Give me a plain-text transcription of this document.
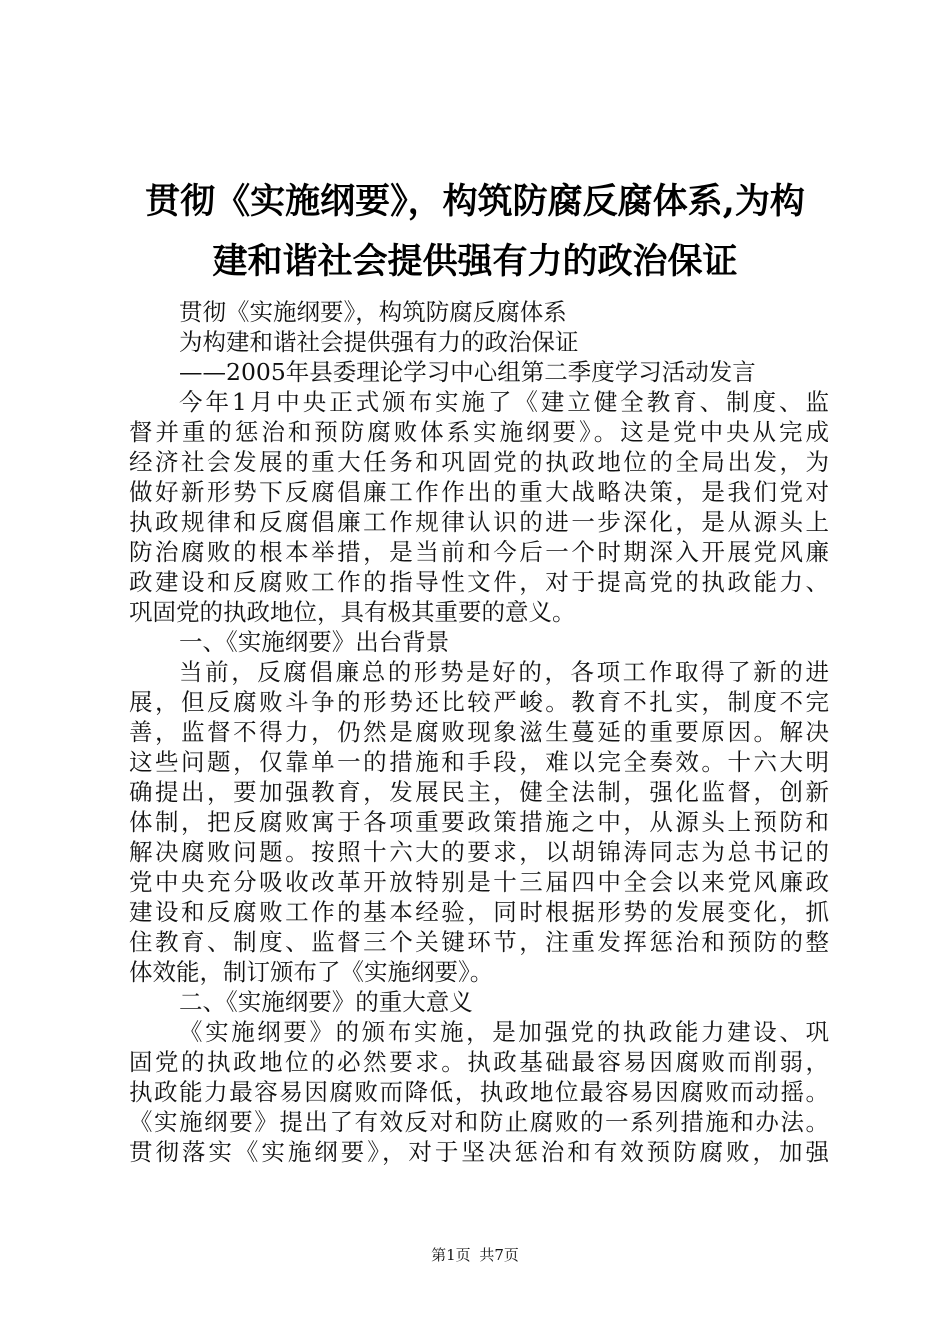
贯彻《实施纲要》，构筑防腐反腐体系,为构
建和谐社会提供强有力的政治保证
贯彻《实施纲要》，构筑防腐反腐体系
为构建和谐社会提供强有力的政治保证
——2005年县委理论学习中心组第二季度学习活动发言
今年1月中央正式颁布实施了《建立健全教育、制度、监
督并重的惩治和预防腐败体系实施纲要》。这是党中央从完成
经济社会发展的重大任务和巩固党的执政地位的全局出发，为
做好新形势下反腐倡廉工作作出的重大战略决策，是我们党对
执政规律和反腐倡廉工作规律认识的进一步深化，是从源头上
防治腐败的根本举措，是当前和今后一个时期深入开展党风廉
政建设和反腐败工作的指导性文件，对于提高党的执政能力、
巩固党的执政地位，具有极其重要的意义。
一、《实施纲要》出台背景
当前，反腐倡廉总的形势是好的，各项工作取得了新的进
展，但反腐败斗争的形势还比较严峻。教育不扎实，制度不完
善，监督不得力，仍然是腐败现象滋生蔓延的重要原因。解决
这些问题，仅靠单一的措施和手段，难以完全奏效。十六大明
确提出，要加强教育，发展民主，健全法制，强化监督，创新
体制，把反腐败寓于各项重要政策措施之中，从源头上预防和
解决腐败问题。按照十六大的要求，以胡锦涛同志为总书记的
党中央充分吸收改革开放特别是十三届四中全会以来党风廉政
建设和反腐败工作的基本经验，同时根据形势的发展变化，抓
住教育、制度、监督三个关键环节，注重发挥惩治和预防的整
体效能，制订颁布了《实施纲要》。
二、《实施纲要》的重大意义
《实施纲要》的颁布实施，是加强党的执政能力建设、巩
固党的执政地位的必然要求。执政基础最容易因腐败而削弱，
执政能力最容易因腐败而降低，执政地位最容易因腐败而动摇。
《实施纲要》提出了有效反对和防止腐败的一系列措施和办法。
贯彻落实《实施纲要》，对于坚决惩治和有效预防腐败，加强
第1页 共7页
